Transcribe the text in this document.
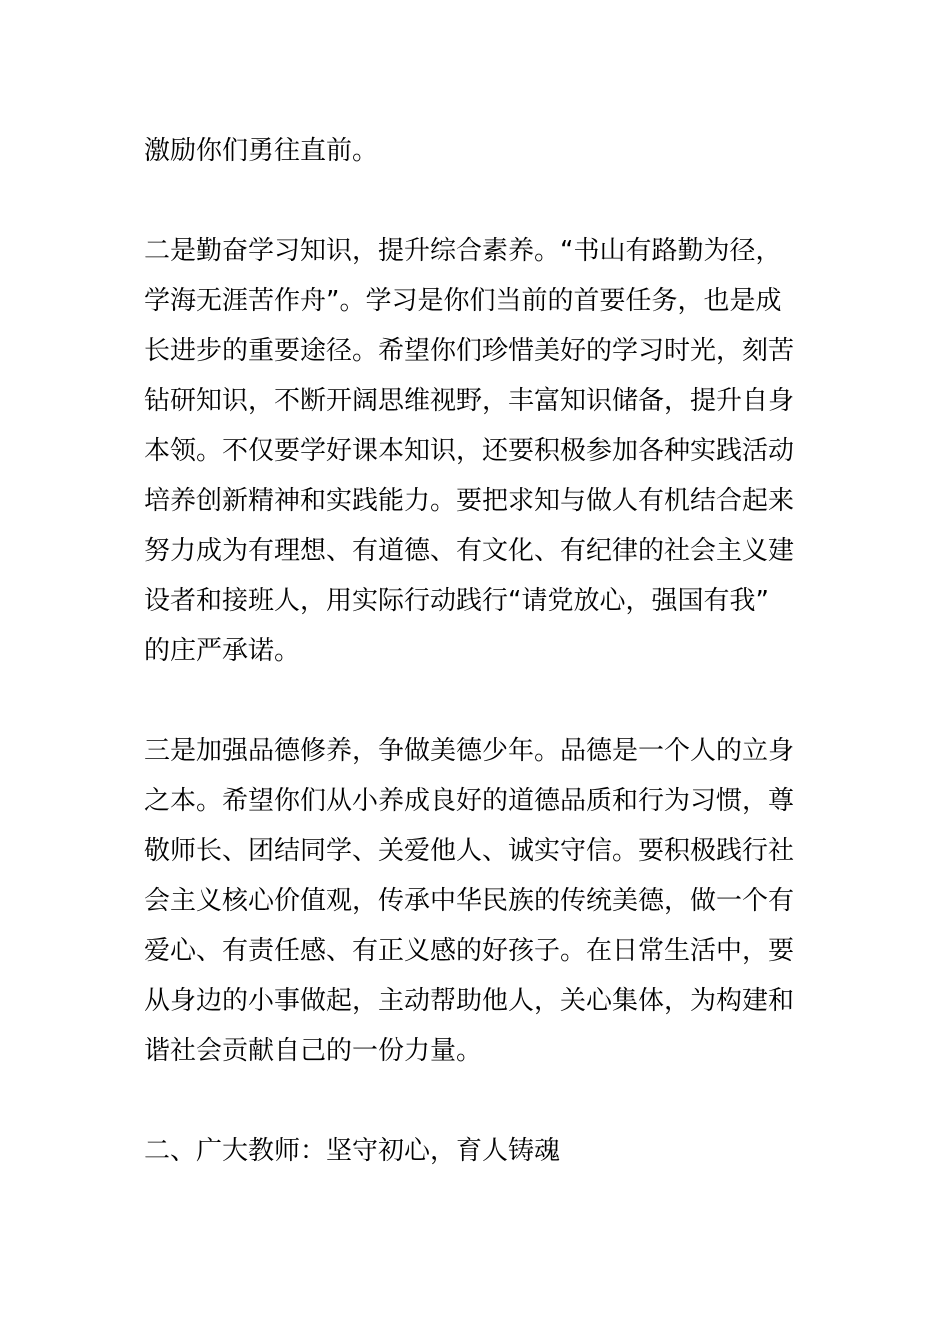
激励你们勇往直前。
二是勤奋学习知识，提升综合素养。“书山有路勤为径，
学海无涯苦作舟”。学习是你们当前的首要任务，也是成
长进步的重要途径。希望你们珍惜美好的学习时光，刻苦
钻研知识，不断开阔思维视野，丰富知识储备，提升自身
本领。不仅要学好课本知识，还要积极参加各种实践活动
培养创新精神和实践能力。要把求知与做人有机结合起来
努力成为有理想、有道德、有文化、有纪律的社会主义建
设者和接班人，用实际行动践行“请党放心，强国有我”
的庄严承诺。
三是加强品德修养，争做美德少年。品德是一个人的立身
之本。希望你们从小养成良好的道德品质和行为习惯，尊
敬师长、团结同学、关爱他人、诚实守信。要积极践行社
会主义核心价值观，传承中华民族的传统美德，做一个有
爱心、有责任感、有正义感的好孩子。在日常生活中，要
从身边的小事做起，主动帮助他人，关心集体，为构建和
谐社会贡献自己的一份力量。
二、广大教师：坚守初心，育人铸魂
